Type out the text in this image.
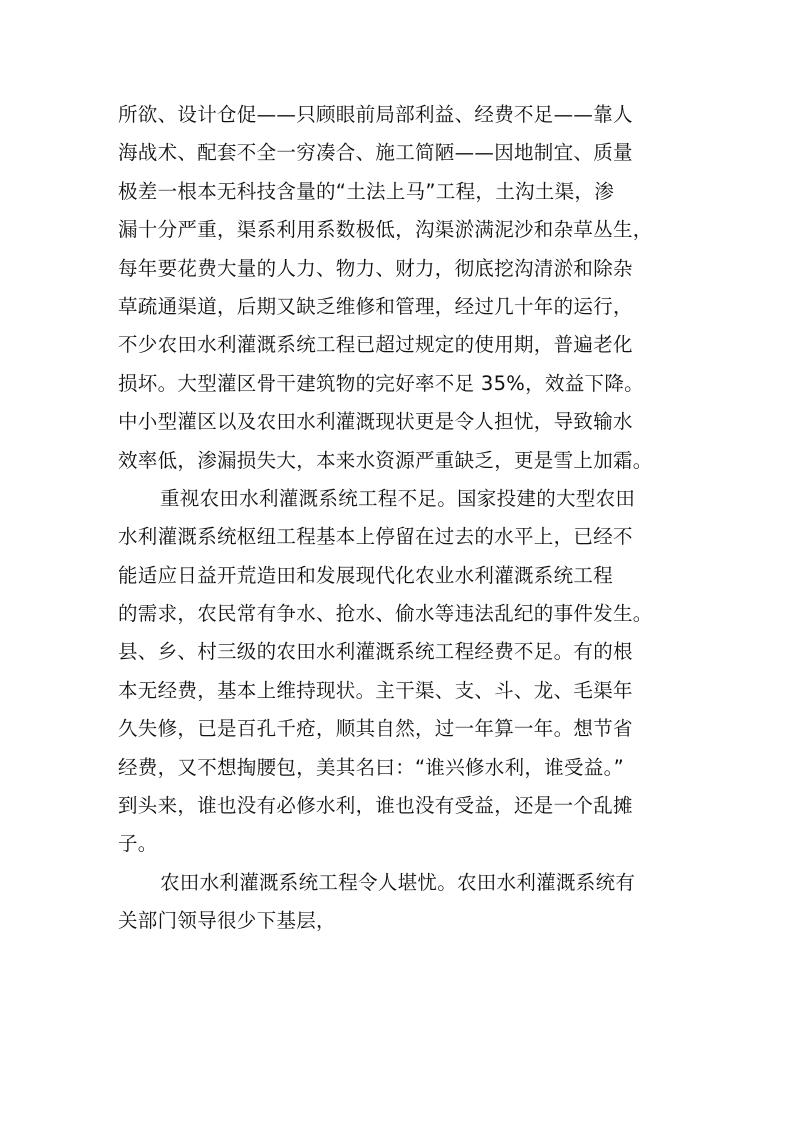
所欲、设计仓促——只顾眼前局部利益、经费不足——靠人
海战术、配套不全一穷凑合、施工简陋——因地制宜、质量
极差一根本无科技含量的“土法上马”工程，土沟土渠，渗
漏十分严重，渠系利用系数极低，沟渠淤满泥沙和杂草丛生，
每年要花费大量的人力、物力、财力，彻底挖沟清淤和除杂
草疏通渠道，后期又缺乏维修和管理，经过几十年的运行，
不少农田水利灌溉系统工程已超过规定的使用期，普遍老化
损坏。大型灌区骨干建筑物的完好率不足 35%，效益下降。
中小型灌区以及农田水利灌溉现状更是令人担忧，导致输水
效率低，渗漏损失大，本来水资源严重缺乏，更是雪上加霜。
重视农田水利灌溉系统工程不足。国家投建的大型农田
水利灌溉系统枢纽工程基本上停留在过去的水平上，已经不
能适应日益开荒造田和发展现代化农业水利灌溉系统工程
的需求，农民常有争水、抢水、偷水等违法乱纪的事件发生。
县、乡、村三级的农田水利灌溉系统工程经费不足。有的根
本无经费，基本上维持现状。主干渠、支、斗、龙、毛渠年
久失修，已是百孔千疮，顺其自然，过一年算一年。想节省
经费，又不想掏腰包，美其名曰：“谁兴修水利，谁受益。”
到头来，谁也没有必修水利，谁也没有受益，还是一个乱摊
子。
农田水利灌溉系统工程令人堪忧。农田水利灌溉系统有
关部门领导很少下基层，
